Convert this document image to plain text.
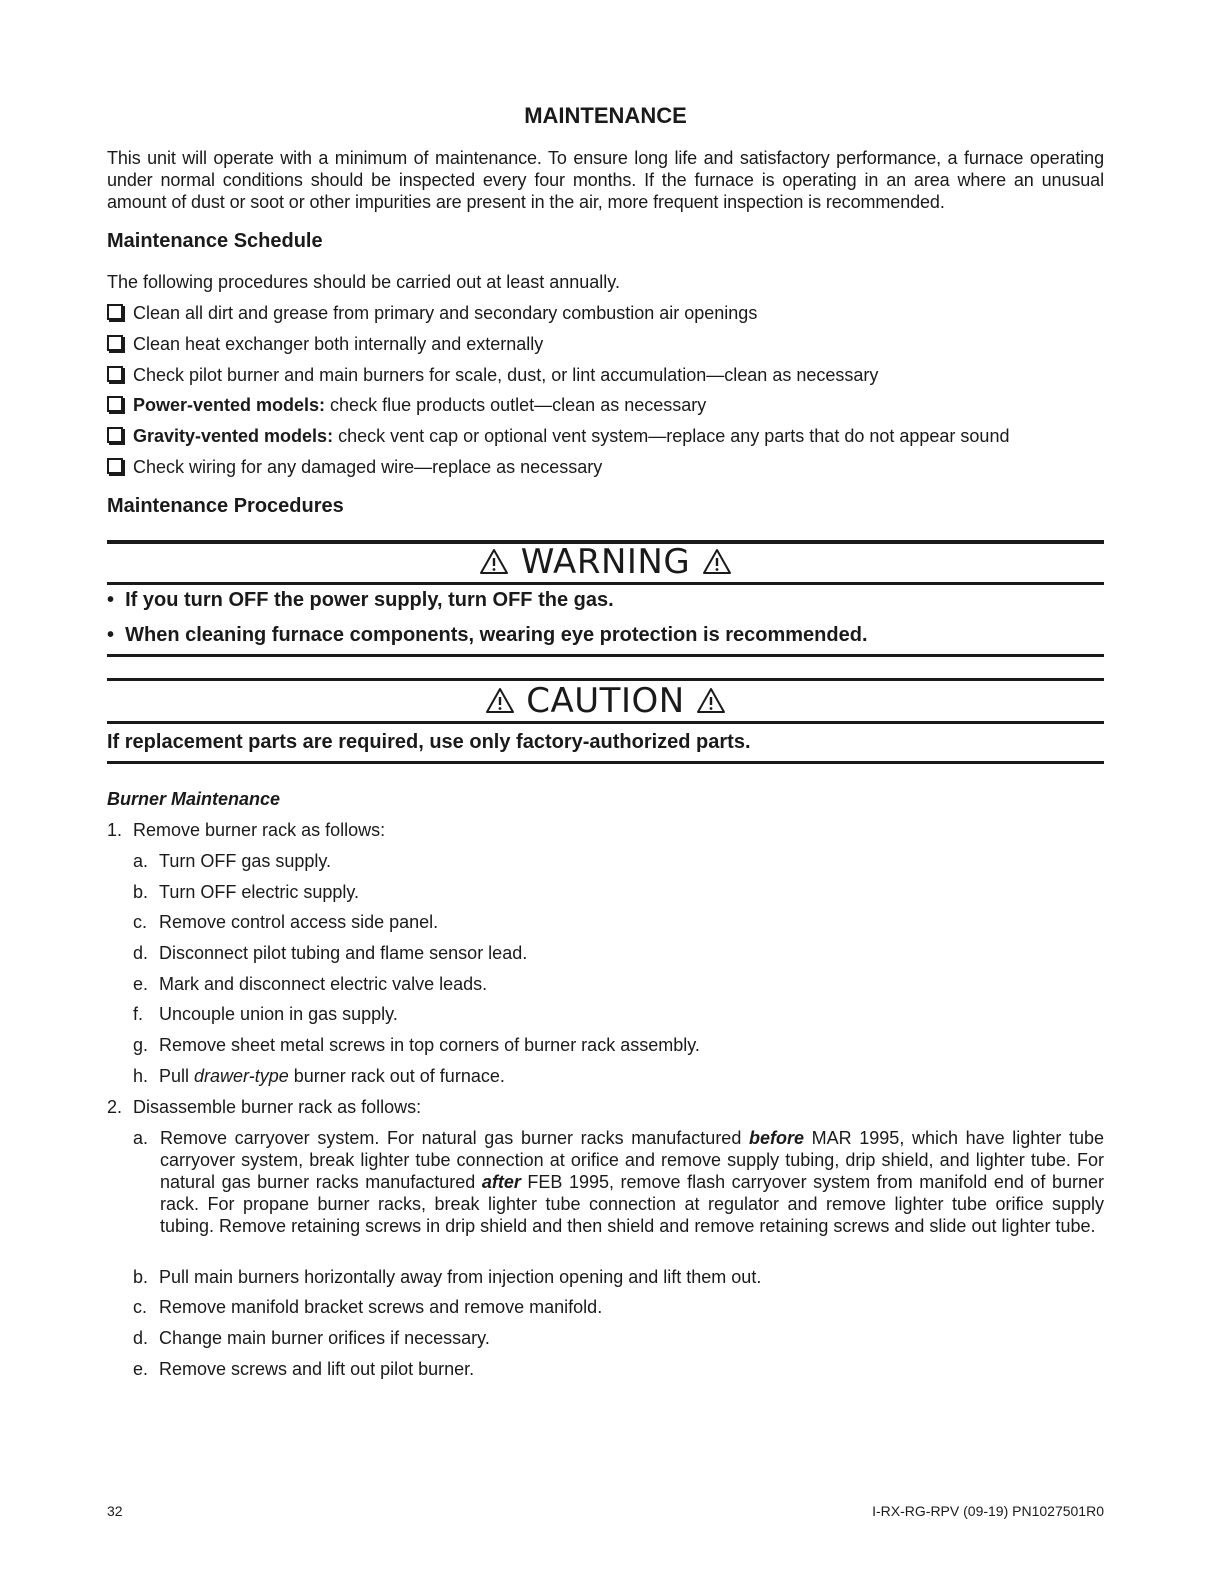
MAINTENANCE

This unit will operate with a minimum of maintenance. To ensure long life and satisfactory performance, a furnace operating under normal conditions should be inspected every four months. If the furnace is operating in an area where an unusual amount of dust or soot or other impurities are present in the air, more frequent inspection is recommended.

Maintenance Schedule

The following procedures should be carried out at least annually.

Clean all dirt and grease from primary and secondary combustion air openings
Clean heat exchanger both internally and externally
Check pilot burner and main burners for scale, dust, or lint accumulation—clean as necessary
Power-vented models: check flue products outlet—clean as necessary
Gravity-vented models: check vent cap or optional vent system—replace any parts that do not appear sound
Check wiring for any damaged wire—replace as necessary
Maintenance Procedures
WARNING
•  If you turn OFF the power supply, turn OFF the gas.
•  When cleaning furnace components, wearing eye protection is recommended.
CAUTION
If replacement parts are required, use only factory-authorized parts.
Burner Maintenance
1. Remove burner rack as follows:
a. Turn OFF gas supply.
b. Turn OFF electric supply.
c. Remove control access side panel.
d. Disconnect pilot tubing and flame sensor lead.
e. Mark and disconnect electric valve leads.
f. Uncouple union in gas supply.
g. Remove sheet metal screws in top corners of burner rack assembly.
h. Pull drawer-type burner rack out of furnace.
2. Disassemble burner rack as follows:
a. Remove carryover system. For natural gas burner racks manufactured before MAR 1995, which have lighter tube carryover system, break lighter tube connection at orifice and remove supply tubing, drip shield, and lighter tube. For natural gas burner racks manufactured after FEB 1995, remove flash carryover system from manifold end of burner rack. For propane burner racks, break lighter tube connection at regulator and remove lighter tube orifice supply tubing. Remove retaining screws in drip shield and then shield and remove retaining screws and slide out lighter tube.
b. Pull main burners horizontally away from injection opening and lift them out.
c. Remove manifold bracket screws and remove manifold.
d. Change main burner orifices if necessary.
e. Remove screws and lift out pilot burner.
32	I-RX-RG-RPV (09-19) PN1027501R0
